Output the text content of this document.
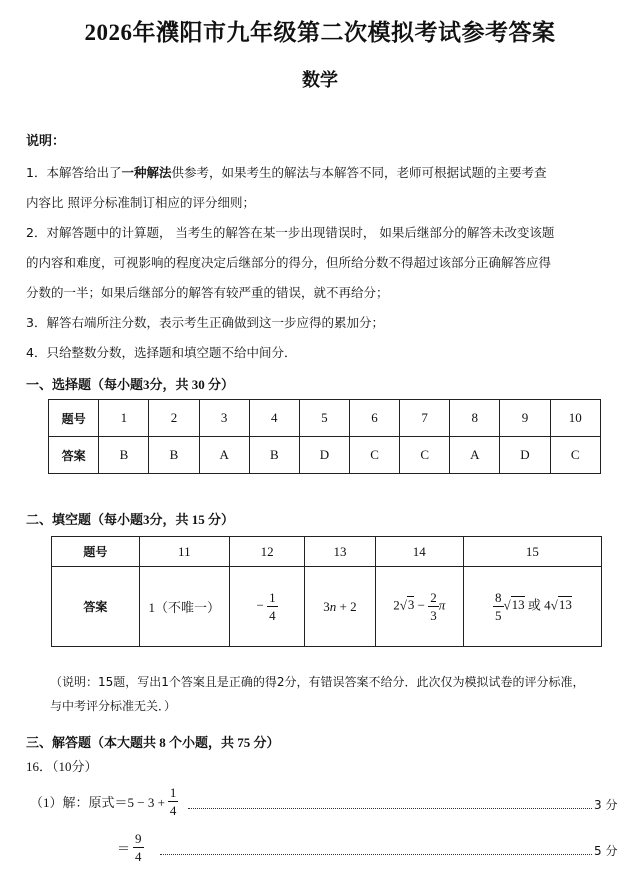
2026年濮阳市九年级第二次模拟考试参考答案
数学
说明：
1．本解答给出了一种解法供参考，如果考生的解法与本解答不同，老师可根据试题的主要考查
内容比 照评分标准制订相应的评分细则；
2．对解答题中的计算题， 当考生的解答在某一步出现错误时， 如果后继部分的解答未改变该题
的内容和难度，可视影响的程度决定后继部分的得分，但所给分数不得超过该部分正确解答应得
分数的一半；如果后继部分的解答有较严重的错误，就不再给分；
3．解答右端所注分数，表示考生正确做到这一步应得的累加分；
4．只给整数分数，选择题和填空题不给中间分．
一、选择题（每小题3分，共 30 分）
题号	1	2	3	4	5	6	7	8	9	10
答案	B	B	A	B	D	C	C	A	D	C
二、填空题（每小题3分，共 15 分）
题号	11	12	13	14	15
答案	1（不唯一）	− $\frac{1}{4}$	3n + 2	$2√3 - \frac{2}{3}$ π	$\frac{8}{5} √13$ 或 4√13
（说明：15题，写出1个答案且是正确的得2分，有错误答案不给分．此次仅为模拟试卷的评分标准，
与中考评分标准无关．）
三、解答题（本大题共 8 个小题，共 75 分）
16．（10分）
（1）解：原式$=5 - 3 + \frac{1}{4}$	3 分
＝ $\frac{9}{4}$	5 分
